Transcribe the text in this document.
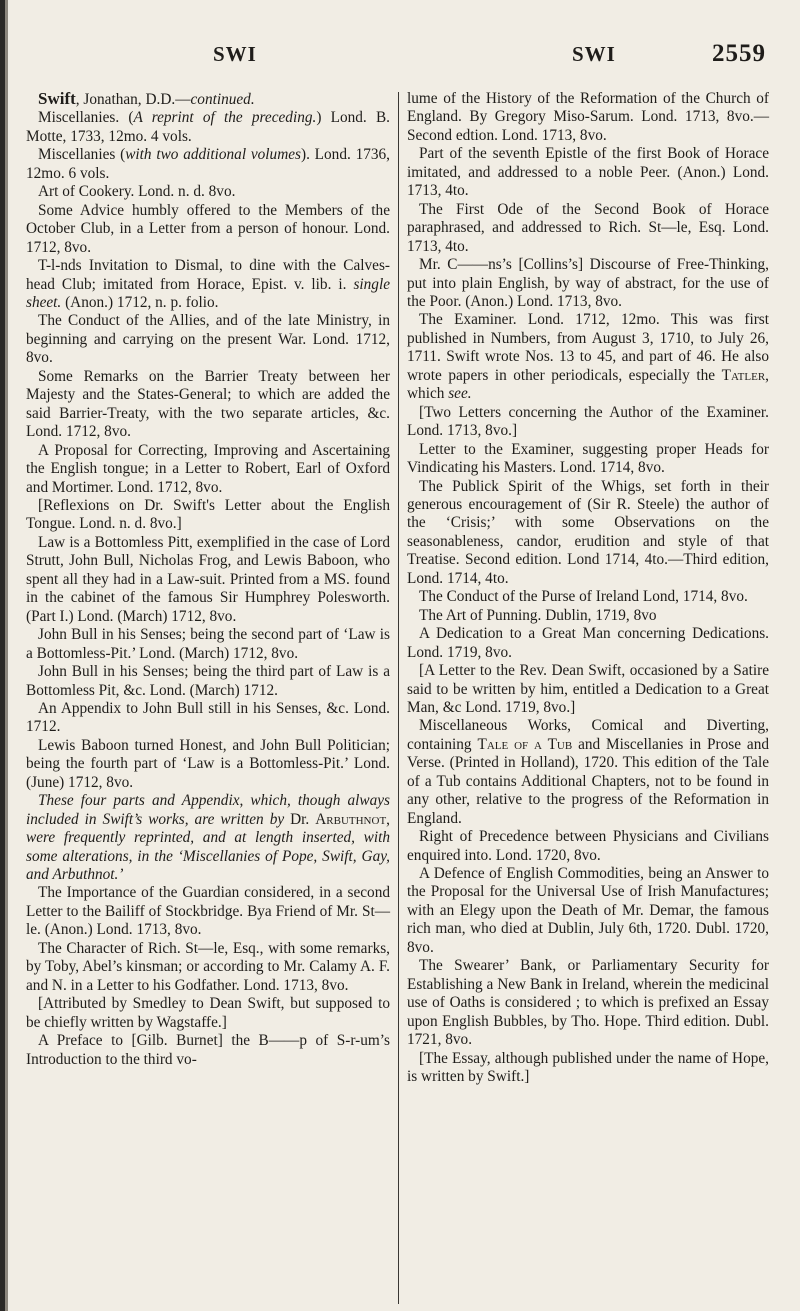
SWI	SWI	2559

Swift, Jonathan, D.D.—continued.

Miscellanies. (A reprint of the preceding.) Lond. B. Motte, 1733, 12mo. 4 vols.

Miscellanies (with two additional volumes). Lond. 1736, 12mo. 6 vols.

Art of Cookery. Lond. n. d. 8vo.

Some Advice humbly offered to the Members of the October Club, in a Letter from a person of honour. Lond. 1712, 8vo.

T-l-nds Invitation to Dismal, to dine with the Calves-head Club; imitated from Horace, Epist. v. lib. i. single sheet. (Anon.) 1712, n. p. folio.

The Conduct of the Allies, and of the late Ministry, in beginning and carrying on the present War. Lond. 1712, 8vo.

Some Remarks on the Barrier Treaty between her Majesty and the States-General; to which are added the said Barrier-Treaty, with the two separate articles, &c. Lond. 1712, 8vo.

A Proposal for Correcting, Improving and Ascertaining the English tongue; in a Letter to Robert, Earl of Oxford and Mortimer. Lond. 1712, 8vo.

[Reflexions on Dr. Swift's Letter about the English Tongue. Lond. n. d. 8vo.]

Law is a Bottomless Pitt, exemplified in the case of Lord Strutt, John Bull, Nicholas Frog, and Lewis Baboon, who spent all they had in a Law-suit. Printed from a MS. found in the cabinet of the famous Sir Humphrey Polesworth. (Part I.) Lond. (March) 1712, 8vo.

John Bull in his Senses; being the second part of ‘Law is a Bottomless-Pit.’ Lond. (March) 1712, 8vo.

John Bull in his Senses; being the third part of Law is a Bottomless Pit, &c. Lond. (March) 1712.

An Appendix to John Bull still in his Senses, &c. Lond. 1712.

Lewis Baboon turned Honest, and John Bull Politician; being the fourth part of ‘Law is a Bottomless-Pit.’ Lond. (June) 1712, 8vo.

These four parts and Appendix, which, though always included in Swift’s works, are written by Dr. Arbuthnot, were frequently reprinted, and at length inserted, with some alterations, in the ‘Miscellanies of Pope, Swift, Gay, and Arbuthnot.’

The Importance of the Guardian considered, in a second Letter to the Bailiff of Stockbridge. Bya Friend of Mr. St—le. (Anon.) Lond. 1713, 8vo.

The Character of Rich. St—le, Esq., with some remarks, by Toby, Abel’s kinsman; or according to Mr. Calamy A. F. and N. in a Letter to his Godfather. Lond. 1713, 8vo.

[Attributed by Smedley to Dean Swift, but supposed to be chiefly written by Wagstaffe.]

A Preface to [Gilb. Burnet] the B——p of S-r-um’s Introduction to the third vo-

lume of the History of the Reformation of the Church of England. By Gregory Miso-Sarum. Lond. 1713, 8vo.—Second edtion. Lond. 1713, 8vo.

Part of the seventh Epistle of the first Book of Horace imitated, and addressed to a noble Peer. (Anon.) Lond. 1713, 4to.

The First Ode of the Second Book of Horace paraphrased, and addressed to Rich. St—le, Esq. Lond. 1713, 4to.

Mr. C——ns’s [Collins’s] Discourse of Free-Thinking, put into plain English, by way of abstract, for the use of the Poor. (Anon.) Lond. 1713, 8vo.

The Examiner. Lond. 1712, 12mo. This was first published in Numbers, from August 3, 1710, to July 26, 1711. Swift wrote Nos. 13 to 45, and part of 46. He also wrote papers in other periodicals, especially the Tatler, which see.

[Two Letters concerning the Author of the Examiner. Lond. 1713, 8vo.]

Letter to the Examiner, suggesting proper Heads for Vindicating his Masters. Lond. 1714, 8vo.

The Publick Spirit of the Whigs, set forth in their generous encouragement of (Sir R. Steele) the author of the ‘Crisis;’ with some Observations on the seasonableness, candor, erudition and style of that Treatise. Second edition. Lond 1714, 4to.—Third edition, Lond. 1714, 4to.

The Conduct of the Purse of Ireland Lond, 1714, 8vo.

The Art of Punning. Dublin, 1719, 8vo

A Dedication to a Great Man concerning Dedications. Lond. 1719, 8vo.

[A Letter to the Rev. Dean Swift, occasioned by a Satire said to be written by him, entitled a Dedication to a Great Man, &c Lond. 1719, 8vo.]

Miscellaneous Works, Comical and Diverting, containing Tale of a Tub and Miscellanies in Prose and Verse. (Printed in Holland), 1720. This edition of the Tale of a Tub contains Additional Chapters, not to be found in any other, relative to the progress of the Reformation in England.

Right of Precedence between Physicians and Civilians enquired into. Lond. 1720, 8vo.

A Defence of English Commodities, being an Answer to the Proposal for the Universal Use of Irish Manufactures; with an Elegy upon the Death of Mr. Demar, the famous rich man, who died at Dublin, July 6th, 1720. Dubl. 1720, 8vo.

The Swearer’ Bank, or Parliamentary Security for Establishing a New Bank in Ireland, wherein the medicinal use of Oaths is considered ; to which is prefixed an Essay upon English Bubbles, by Tho. Hope. Third edition. Dubl. 1721, 8vo.

[The Essay, although published under the name of Hope, is written by Swift.]
